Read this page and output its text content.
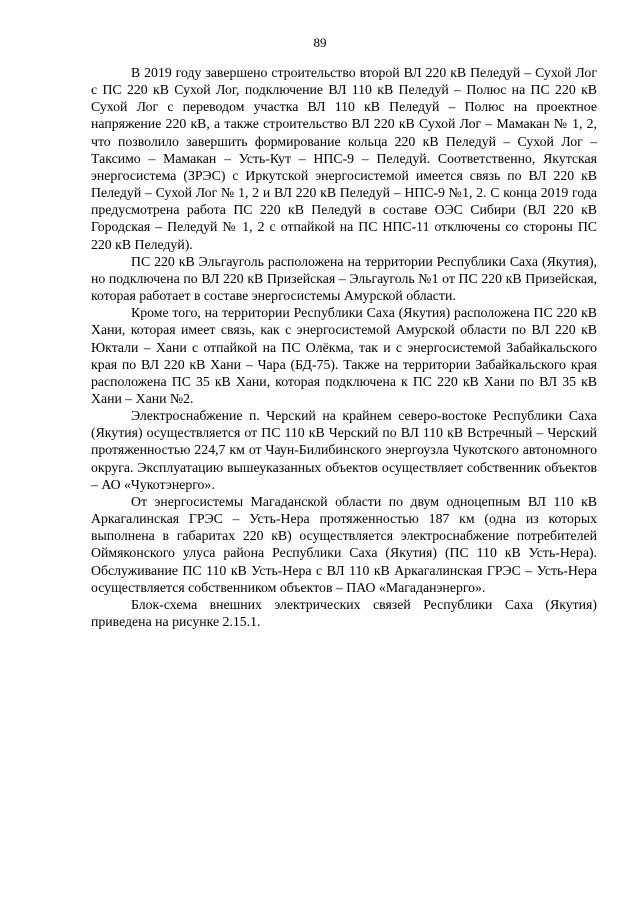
89

В 2019 году завершено строительство второй ВЛ 220 кВ Пеледуй – Сухой Лог с ПС 220 кВ Сухой Лог, подключение ВЛ 110 кВ Пеледуй – Полюс на ПС 220 кВ Сухой Лог с переводом участка ВЛ 110 кВ Пеледуй – Полюс на проектное напряжение 220 кВ, а также строительство ВЛ 220 кВ Сухой Лог – Мамакан № 1, 2, что позволило завершить формирование кольца 220 кВ Пеледуй – Сухой Лог – Таксимо – Мамакан – Усть-Кут – НПС-9 – Пеледуй. Соответственно, Якутская энергосистема (ЗРЭС) с Иркутской энергосистемой имеется связь по ВЛ 220 кВ Пеледуй – Сухой Лог № 1, 2 и ВЛ 220 кВ Пеледуй – НПС-9 №1, 2. С конца 2019 года предусмотрена работа ПС 220 кВ Пеледуй в составе ОЭС Сибири (ВЛ 220 кВ Городская – Пеледуй № 1, 2 с отпайкой на ПС НПС-11 отключены со стороны ПС 220 кВ Пеледуй).

ПС 220 кВ Эльгауголь расположена на территории Республики Саха (Якутия), но подключена по ВЛ 220 кВ Призейская – Эльгауголь №1 от ПС 220 кВ Призейская, которая работает в составе энергосистемы Амурской области.

Кроме того, на территории Республики Саха (Якутия) расположена ПС 220 кВ Хани, которая имеет связь, как с энергосистемой Амурской области по ВЛ 220 кВ Юктали – Хани с отпайкой на ПС Олёкма, так и с энергосистемой Забайкальского края по ВЛ 220 кВ Хани – Чара (БД-75). Также на территории Забайкальского края расположена ПС 35 кВ Хани, которая подключена к ПС 220 кВ Хани по ВЛ 35 кВ Хани – Хани №2.

Электроснабжение п. Черский на крайнем северо-востоке Республики Саха (Якутия) осуществляется от ПС 110 кВ Черский по ВЛ 110 кВ Встречный – Черский протяженностью 224,7 км от Чаун-Билибинского энергоузла Чукотского автономного округа. Эксплуатацию вышеуказанных объектов осуществляет собственник объектов – АО «Чукотэнерго».

От энергосистемы Магаданской области по двум одноцепным ВЛ 110 кВ Аркагалинская ГРЭС – Усть-Нера протяженностью 187 км (одна из которых выполнена в габаритах 220 кВ) осуществляется электроснабжение потребителей Оймяконского улуса района Республики Саха (Якутия) (ПС 110 кВ Усть-Нера). Обслуживание ПС 110 кВ Усть-Нера с ВЛ 110 кВ Аркагалинская ГРЭС – Усть-Нера осуществляется собственником объектов – ПАО «Магаданэнерго».

Блок-схема внешних электрических связей Республики Саха (Якутия) приведена на рисунке 2.15.1.
